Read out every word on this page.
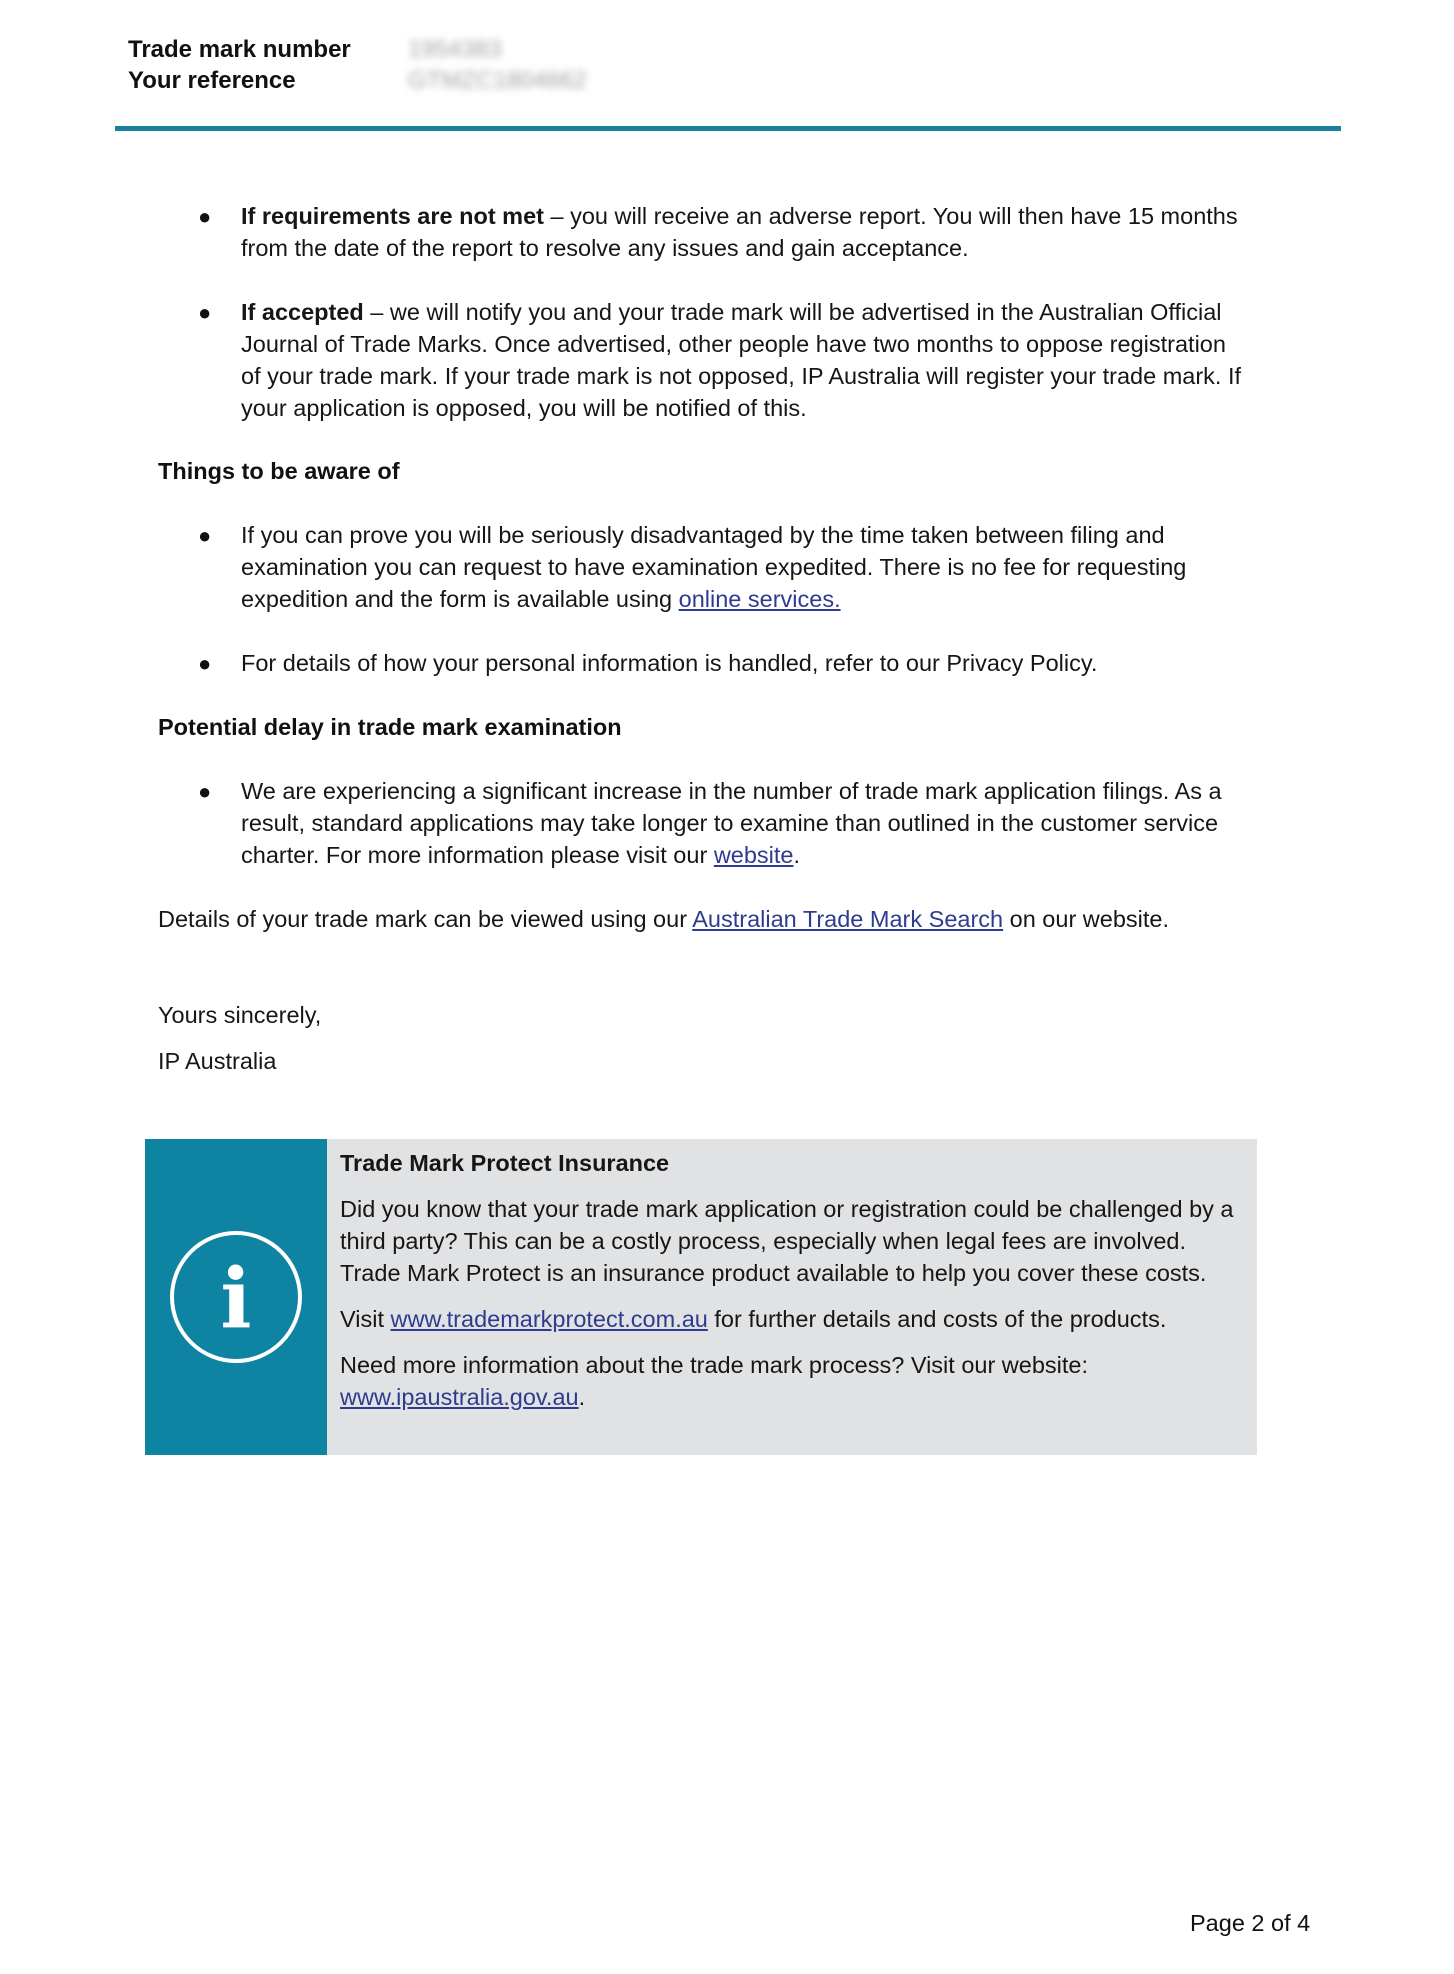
Trade mark number 1954383
Your reference	GTMZC1804662
● If requirements are not met – you will receive an adverse report. You will then have 15 months from the date of the report to resolve any issues and gain acceptance.
● If accepted – we will notify you and your trade mark will be advertised in the Australian Official Journal of Trade Marks. Once advertised, other people have two months to oppose registration of your trade mark. If your trade mark is not opposed, IP Australia will register your trade mark. If your application is opposed, you will be notified of this.
Things to be aware of
● If you can prove you will be seriously disadvantaged by the time taken between filing and examination you can request to have examination expedited. There is no fee for requesting expedition and the form is available using online services.
● For details of how your personal information is handled, refer to our Privacy Policy.
Potential delay in trade mark examination
● We are experiencing a significant increase in the number of trade mark application filings. As a result, standard applications may take longer to examine than outlined in the customer service charter. For more information please visit our website.
Details of your trade mark can be viewed using our Australian Trade Mark Search on our website.
Yours sincerely,
IP Australia
i

Trade Mark Protect Insurance

Did you know that your trade mark application or registration could be challenged by a third party? This can be a costly process, especially when legal fees are involved. Trade Mark Protect is an insurance product available to help you cover these costs.

Visit www.trademarkprotect.com.au for further details and costs of the products.

Need more information about the trade mark process? Visit our website: www.ipaustralia.gov.au.

Page 2 of 4
